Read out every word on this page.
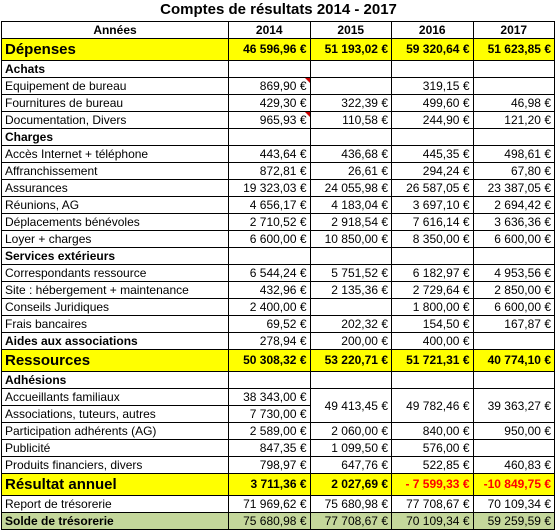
Comptes de résultats 2014 - 2017
Années	2014	2015	2016	2017
Dépenses	46 596,96 €	51 193,02 €	59 320,64 €	51 623,85 €
Achats				
Equipement de bureau	869,90 €		319,15 €	
Fournitures de bureau	429,30 €	322,39 €	499,60 €	46,98 €
Documentation, Divers	965,93 €	110,58 €	244,90 €	121,20 €
Charges				
Accès Internet + téléphone	443,64 €	436,68 €	445,35 €	498,61 €
Affranchissement	872,81 €	26,61 €	294,24 €	67,80 €
Assurances	19 323,03 €	24 055,98 €	26 587,05 €	23 387,05 €
Réunions, AG	4 656,17 €	4 183,04 €	3 697,10 €	2 694,42 €
Déplacements bénévoles	2 710,52 €	2 918,54 €	7 616,14 €	3 636,36 €
Loyer + charges	6 600,00 €	10 850,00 €	8 350,00 €	6 600,00 €
Services extérieurs				
Correspondants ressource	6 544,24 €	5 751,52 €	6 182,97 €	4 953,56 €
Site : hébergement + maintenance	432,96 €	2 135,36 €	2 729,64 €	2 850,00 €
Conseils Juridiques	2 400,00 €		1 800,00 €	6 600,00 €
Frais bancaires	69,52 €	202,32 €	154,50 €	167,87 €
Aides aux associations	278,94 €	200,00 €	400,00 €	
Ressources	50 308,32 €	53 220,71 €	51 721,31 €	40 774,10 €
Adhésions				
Accueillants familiaux	38 343,00 €	49 413,45 €	49 782,46 €	39 363,27 €
Associations, tuteurs, autres	7 730,00 €			
Participation adhérents (AG)	2 589,00 €	2 060,00 €	840,00 €	950,00 €
Publicité	847,35 €	1 099,50 €	576,00 €	
Produits financiers, divers	798,97 €	647,76 €	522,85 €	460,83 €
Résultat annuel	3 711,36 €	2 027,69 €	- 7 599,33 €	-10 849,75 €
Report de trésorerie	71 969,62 €	75 680,98 €	77 708,67 €	70 109,34 €
Solde de trésorerie	75 680,98 €	77 708,67 €	70 109,34 €	59 259,59 €
